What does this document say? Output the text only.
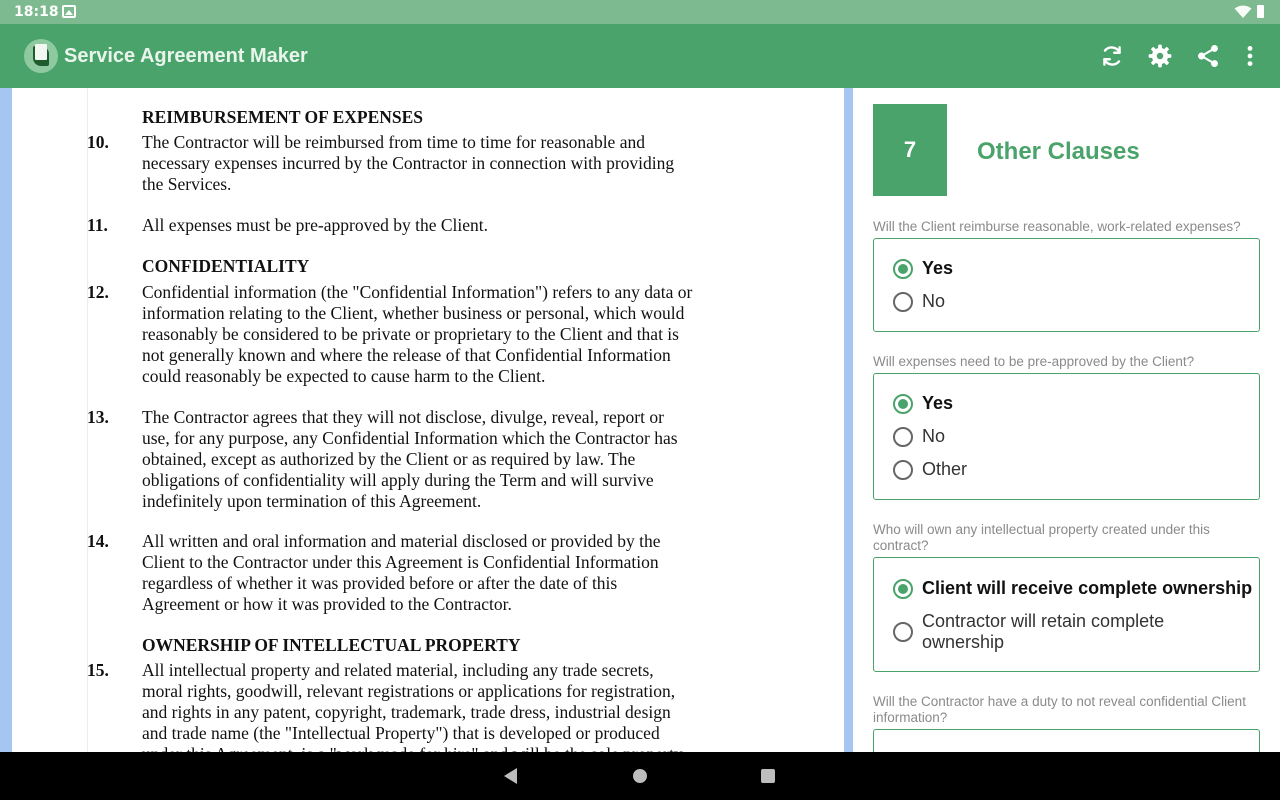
18:18
Service Agreement Maker
REIMBURSEMENT OF EXPENSES
10. The Contractor will be reimbursed from time to time for reasonable and
necessary expenses incurred by the Contractor in connection with providing
the Services.
11. All expenses must be pre-approved by the Client.
CONFIDENTIALITY
12. Confidential information (the "Confidential Information") refers to any data or
information relating to the Client, whether business or personal, which would
reasonably be considered to be private or proprietary to the Client and that is
not generally known and where the release of that Confidential Information
could reasonably be expected to cause harm to the Client.
13. The Contractor agrees that they will not disclose, divulge, reveal, report or
use, for any purpose, any Confidential Information which the Contractor has
obtained, except as authorized by the Client or as required by law. The
obligations of confidentiality will apply during the Term and will survive
indefinitely upon termination of this Agreement.
14. All written and oral information and material disclosed or provided by the
Client to the Contractor under this Agreement is Confidential Information
regardless of whether it was provided before or after the date of this
Agreement or how it was provided to the Contractor.
OWNERSHIP OF INTELLECTUAL PROPERTY
15. All intellectual property and related material, including any trade secrets,
moral rights, goodwill, relevant registrations or applications for registration,
and rights in any patent, copyright, trademark, trade dress, industrial design
and trade name (the "Intellectual Property") that is developed or produced
7	Other Clauses
Will the Client reimburse reasonable, work-related expenses?
Yes
No
Will expenses need to be pre-approved by the Client?
Yes
No
Other
Who will own any intellectual property created under this contract?
Client will receive complete ownership
Contractor will retain complete ownership
Will the Contractor have a duty to not reveal confidential Client information?
